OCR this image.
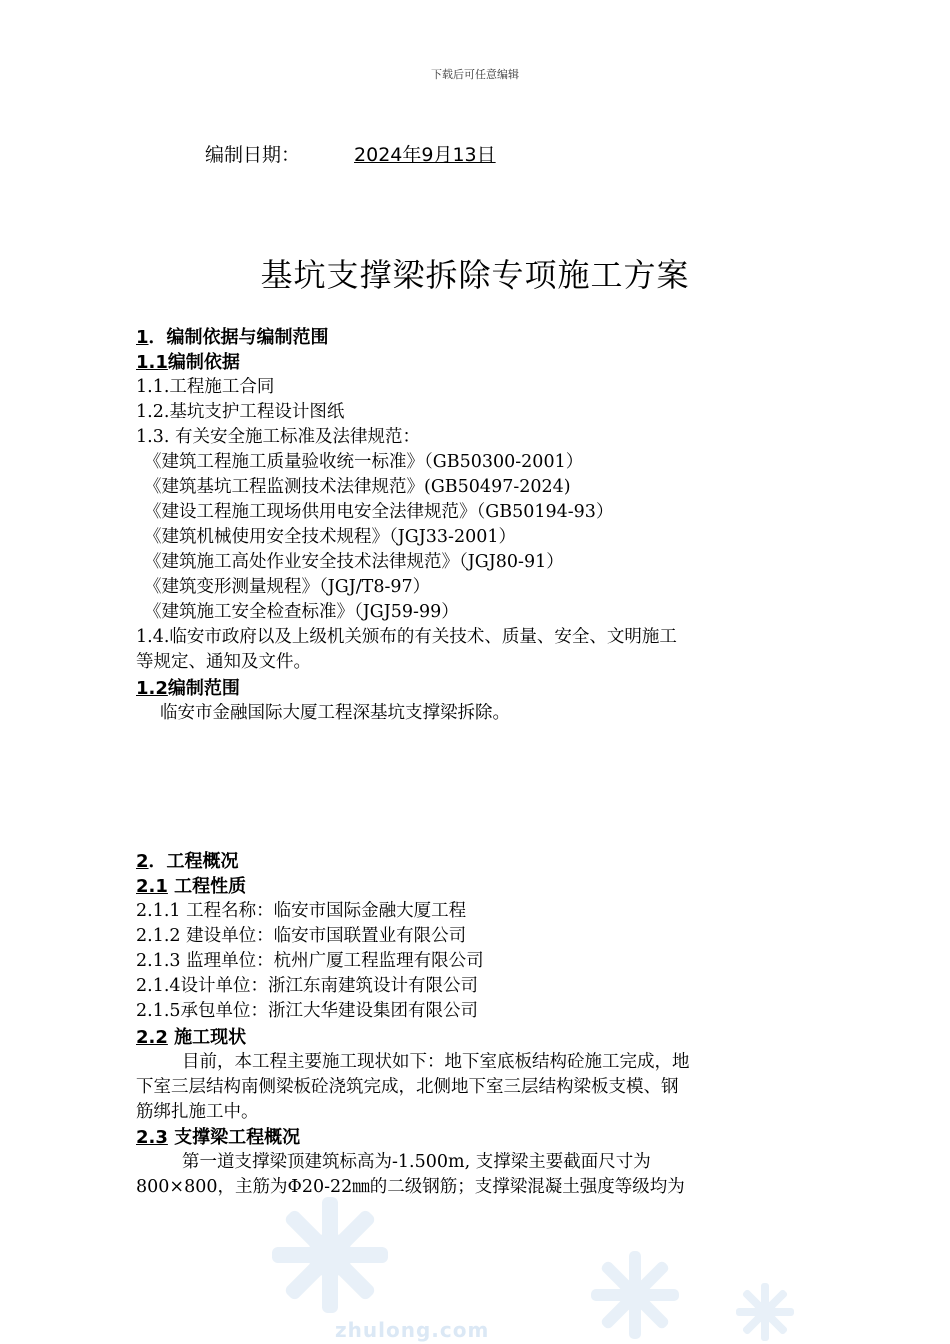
下载后可任意编辑
编制日期：	2024年9月13日
基坑支撑梁拆除专项施工方案
1．编制依据与编制范围
1.1编制依据
1.1.工程施工合同
1.2.基坑支护工程设计图纸
1.3. 有关安全施工标准及法律规范：
《建筑工程施工质量验收统一标准》（GB50300-2001）
《建筑基坑工程监测技术法律规范》(GB50497-2024)
《建设工程施工现场供用电安全法律规范》（GB50194-93）
《建筑机械使用安全技术规程》（JGJ33-2001）
《建筑施工高处作业安全技术法律规范》（JGJ80-91）
《建筑变形测量规程》（JGJ/T8-97）
《建筑施工安全检查标准》（JGJ59-99）
1.4.临安市政府以及上级机关颁布的有关技术、质量、安全、文明施工
等规定、通知及文件。
1.2编制范围
临安市金融国际大厦工程深基坑支撑梁拆除。
2．工程概况
2.1 工程性质
2.1.1 工程名称：临安市国际金融大厦工程
2.1.2 建设单位：临安市国联置业有限公司
2.1.3 监理单位：杭州广厦工程监理有限公司
2.1.4设计单位：浙江东南建筑设计有限公司
2.1.5承包单位：浙江大华建设集团有限公司
2.2 施工现状
目前，本工程主要施工现状如下：地下室底板结构砼施工完成，地
下室三层结构南侧梁板砼浇筑完成，北侧地下室三层结构梁板支模、钢
筋绑扎施工中。
2.3 支撑梁工程概况
第一道支撑梁顶建筑标高为-1.500m, 支撑梁主要截面尺寸为
800×800，主筋为Φ20-22㎜的二级钢筋；支撑梁混凝土强度等级均为
zhulong.com
